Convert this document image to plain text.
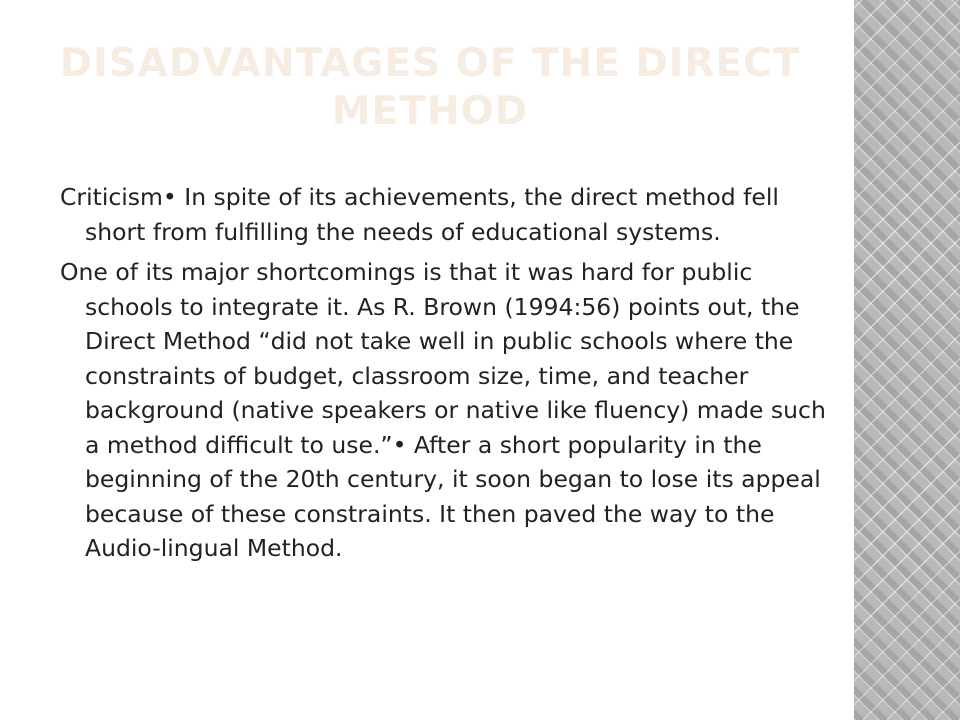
DISADVANTAGES OF THE DIRECT METHOD

Criticism• In spite of its achievements, the direct method fell short from fulfilling the needs of educational systems.

One of its major shortcomings is that it was hard for public schools to integrate it. As R. Brown (1994:56) points out, the Direct Method “did not take well in public schools where the constraints of budget, classroom size, time, and teacher background (native speakers or native like fluency) made such a method difficult to use.”• After a short popularity in the beginning of the 20th century, it soon began to lose its appeal because of these constraints. It then paved the way to the Audio-lingual Method.
